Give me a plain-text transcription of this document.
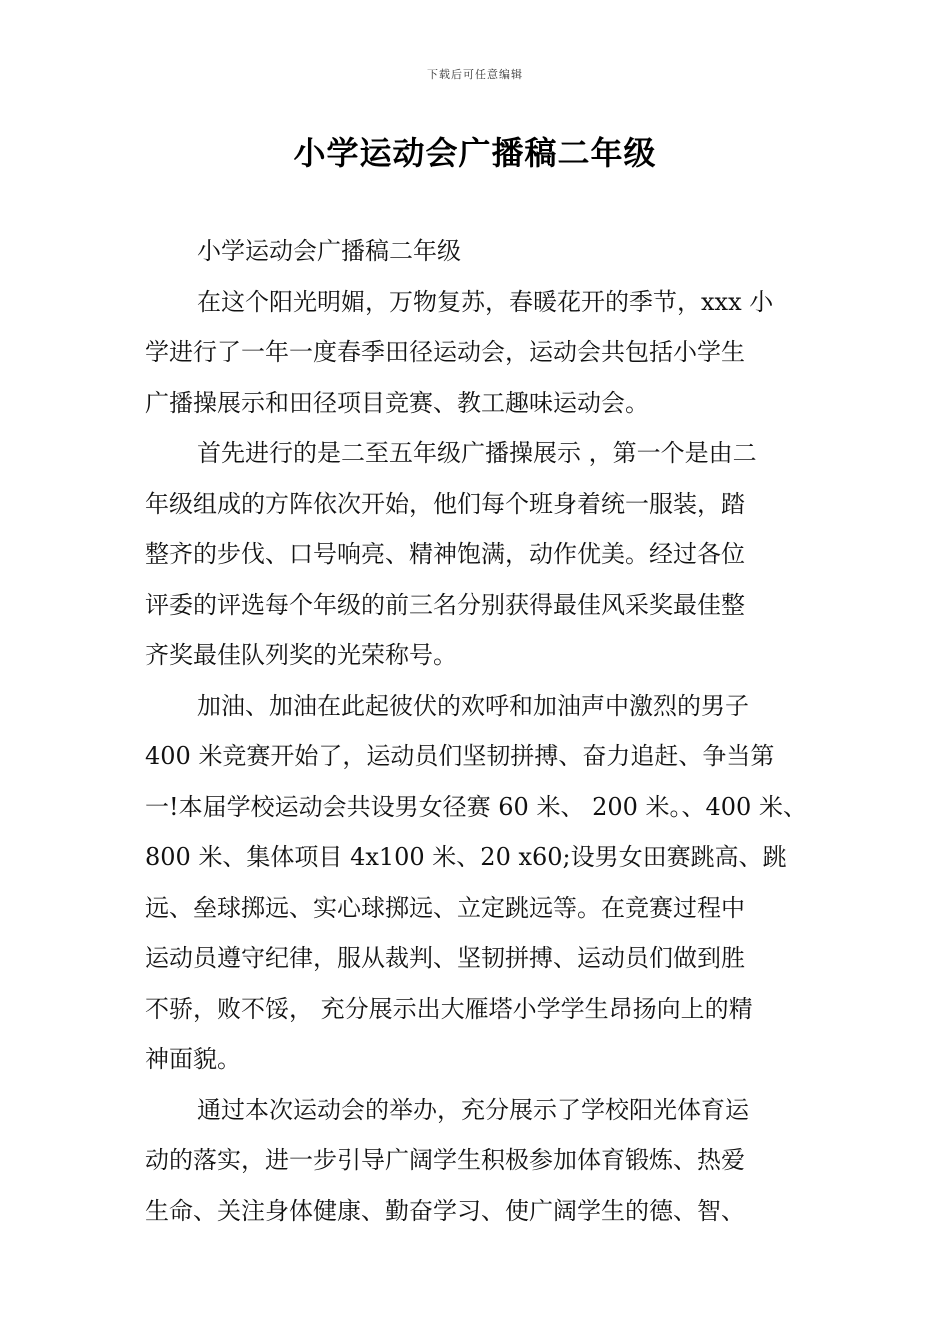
下载后可任意编辑
小学运动会广播稿二年级
小学运动会广播稿二年级
在这个阳光明媚，万物复苏，春暖花开的季节，xxx 小
学进行了一年一度春季田径运动会，运动会共包括小学生
广播操展示和田径项目竞赛、教工趣味运动会。
首先进行的是二至五年级广播操展示 ，第一个是由二
年级组成的方阵依次开始，他们每个班身着统一服装，踏
整齐的步伐、口号响亮、精神饱满，动作优美。经过各位
评委的评选每个年级的前三名分别获得最佳风采奖最佳整
齐奖最佳队列奖的光荣称号。
加油、加油在此起彼伏的欢呼和加油声中激烈的男子
400 米竞赛开始了，运动员们坚韧拼搏、奋力追赶、争当第
一!本届学校运动会共设男女径赛 60 米、 200 米。、400 米、
800 米、集体项目 4x100 米、20 x60;设男女田赛跳高、跳
远、垒球掷远、实心球掷远、立定跳远等。在竞赛过程中
运动员遵守纪律，服从裁判、坚韧拼搏、运动员们做到胜
不骄，败不馁， 充分展示出大雁塔小学学生昂扬向上的精
神面貌。
通过本次运动会的举办，充分展示了学校阳光体育运
动的落实，进一步引导广阔学生积极参加体育锻炼、热爱
生命、关注身体健康、勤奋学习、使广阔学生的德、智、
